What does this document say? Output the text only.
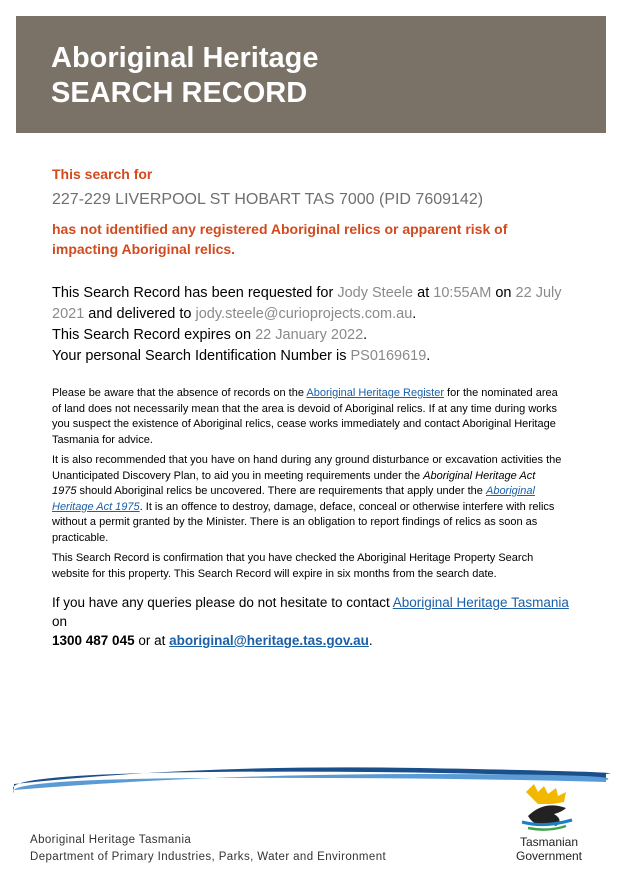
Aboriginal Heritage
SEARCH RECORD
This search for
227-229 LIVERPOOL ST HOBART TAS 7000 (PID 7609142)
has not identified any registered Aboriginal relics or apparent risk of impacting Aboriginal relics.
This Search Record has been requested for Jody Steele at 10:55AM on 22 July 2021 and delivered to jody.steele@curioprojects.com.au.
This Search Record expires on 22 January 2022.
Your personal Search Identification Number is PS0169619.
Please be aware that the absence of records on the Aboriginal Heritage Register for the nominated area of land does not necessarily mean that the area is devoid of Aboriginal relics. If at any time during works you suspect the existence of Aboriginal relics, cease works immediately and contact Aboriginal Heritage Tasmania for advice.
It is also recommended that you have on hand during any ground disturbance or excavation activities the Unanticipated Discovery Plan, to aid you in meeting requirements under the Aboriginal Heritage Act 1975 should Aboriginal relics be uncovered. There are requirements that apply under the Aboriginal Heritage Act 1975. It is an offence to destroy, damage, deface, conceal or otherwise interfere with relics without a permit granted by the Minister. There is an obligation to report findings of relics as soon as practicable.
This Search Record is confirmation that you have checked the Aboriginal Heritage Property Search website for this property. This Search Record will expire in six months from the search date.
If you have any queries please do not hesitate to contact Aboriginal Heritage Tasmania on
1300 487 045 or at aboriginal@heritage.tas.gov.au.
Aboriginal Heritage Tasmania
Department of Primary Industries, Parks, Water and Environment
Tasmanian
Government
